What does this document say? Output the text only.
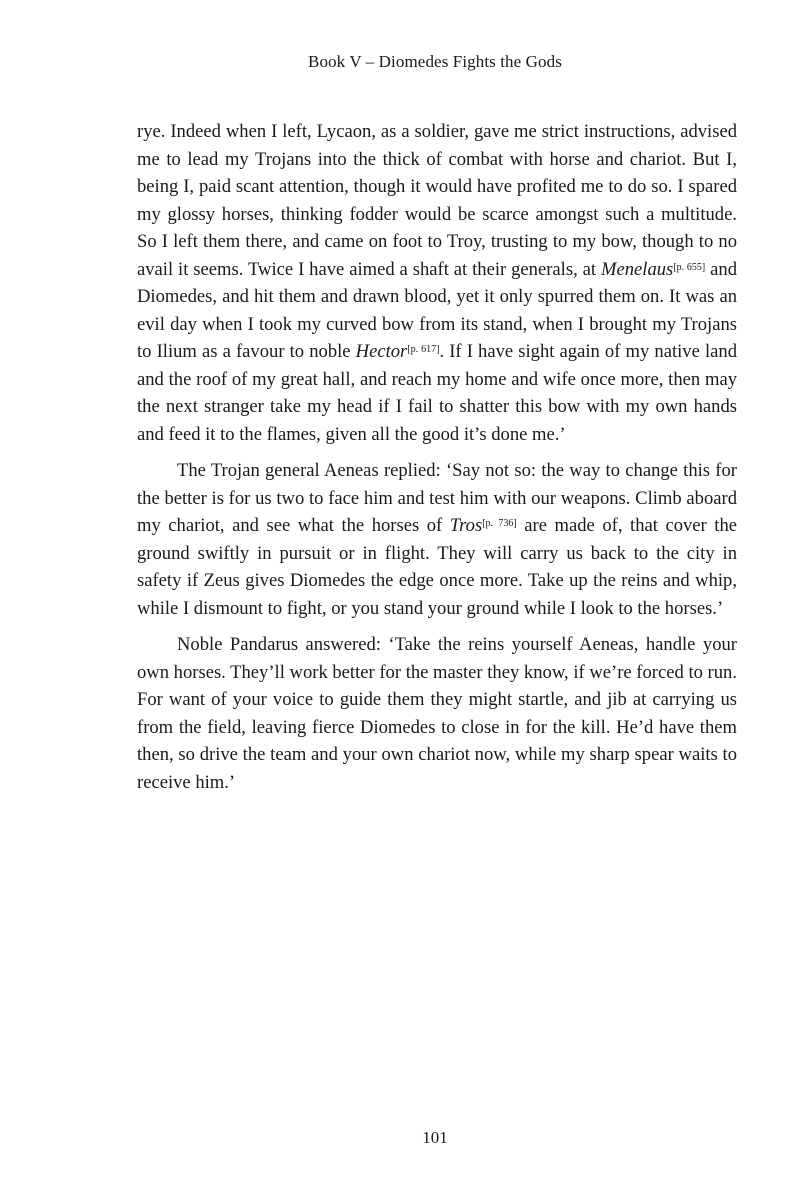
Book V – Diomedes Fights the Gods

rye. Indeed when I left, Lycaon, as a soldier, gave me strict instructions, advised me to lead my Trojans into the thick of combat with horse and chariot. But I, being I, paid scant attention, though it would have profited me to do so. I spared my glossy horses, thinking fodder would be scarce amongst such a multitude. So I left them there, and came on foot to Troy, trusting to my bow, though to no avail it seems. Twice I have aimed a shaft at their generals, at Menelaus[p. 655] and Diomedes, and hit them and drawn blood, yet it only spurred them on. It was an evil day when I took my curved bow from its stand, when I brought my Trojans to Ilium as a favour to noble Hector[p. 617]. If I have sight again of my native land and the roof of my great hall, and reach my home and wife once more, then may the next stranger take my head if I fail to shatter this bow with my own hands and feed it to the flames, given all the good it’s done me.’

The Trojan general Aeneas replied: ‘Say not so: the way to change this for the better is for us two to face him and test him with our weapons. Climb aboard my chariot, and see what the horses of Tros[p. 736] are made of, that cover the ground swiftly in pursuit or in flight. They will carry us back to the city in safety if Zeus gives Diomedes the edge once more. Take up the reins and whip, while I dismount to fight, or you stand your ground while I look to the horses.’

Noble Pandarus answered: ‘Take the reins yourself Aeneas, handle your own horses. They’ll work better for the master they know, if we’re forced to run. For want of your voice to guide them they might startle, and jib at carrying us from the field, leaving fierce Diomedes to close in for the kill. He’d have them then, so drive the team and your own chariot now, while my sharp spear waits to receive him.’

101
